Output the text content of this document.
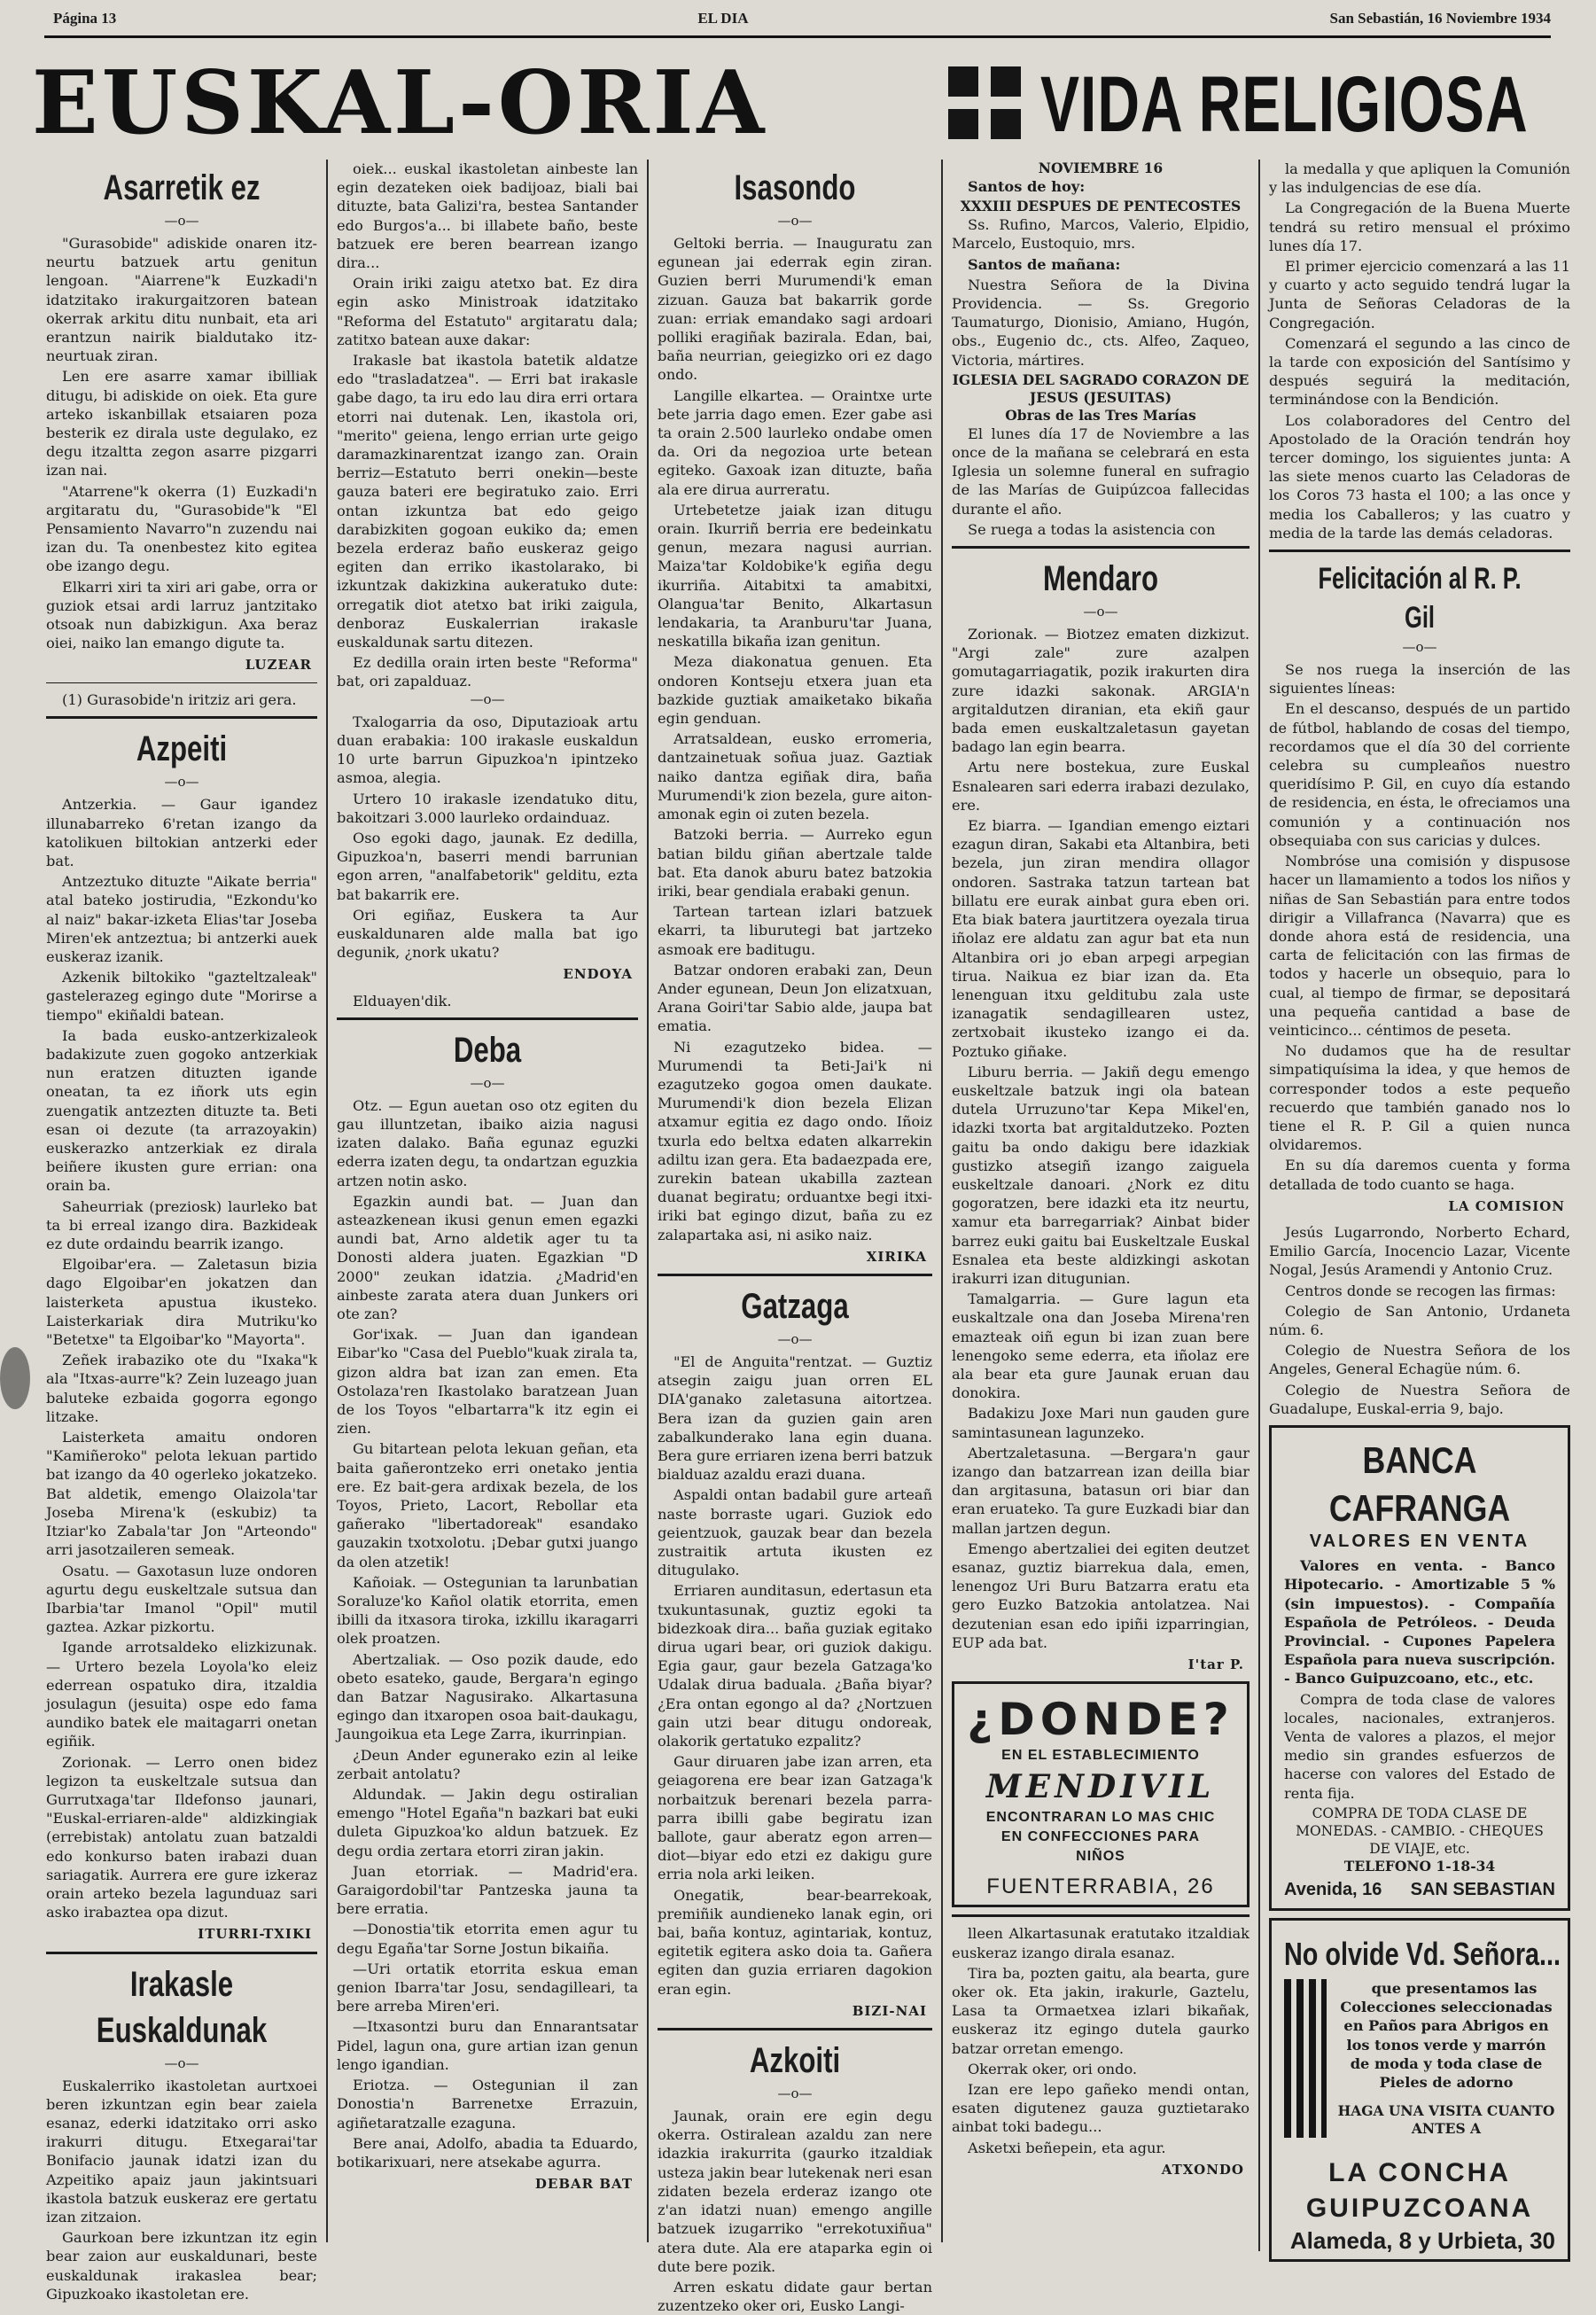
Página 13	EL DIA	San Sebastián, 16 Noviembre 1934
EUSKAL-ORIA	VIDA RELIGIOSA
Asarretik ez
—o—

"Gurasobide" adiskide onaren itz-neurtu batzuek artu genitun lengoan. "Aiarrene"k Euzkadi'n idatzitako irakurgaitzoren batean okerrak arkitu ditu nunbait, eta ari erantzun nairik bialdutako itz-neurtuak ziran.

Len ere asarre xamar ibilliak ditugu, bi adiskide on oiek. Eta gure arteko iskanbillak etsaiaren poza besterik ez dirala uste degulako, ez degu itzaltta zegon asarre pizgarri izan nai.

"Atarrene"k okerra (1) Euzkadi'n argitaratu du, "Gurasobide"k "El Pensamiento Navarro"n zuzendu nai izan du. Ta onenbestez kito egitea obe izango degu.

Elkarri xiri ta xiri ari gabe, orra or guziok etsai ardi larruz jantzitako otsoak nun dabizkigun. Axa beraz oiei, naiko lan emango digute ta.

LUZEAR

(1) Gurasobide'n iritziz ari gera.

Azpeiti
—o—

Antzerkia. — Gaur igandez illunabarreko 6'retan izango da katolikuen biltokian antzerki eder bat.

Antzeztuko dituzte "Aikate berria" atal bateko jostirudia, "Ezkondu'ko al naiz" bakar-izketa Elias'tar Joseba Miren'ek antzeztua; bi antzerki auek euskeraz izanik.

Azkenik biltokiko "gazteltzaleak" gastelerazeg egingo dute "Morirse a tiempo" ekiñaldi batean.

Ia bada eusko-antzerkizaleok badakizute zuen gogoko antzerkiak nun eratzen dituzten igande oneatan, ta ez iñork uts egin zuengatik antzezten dituzte ta. Beti esan oi dezute (ta arrazoyakin) euskerazko antzerkiak ez dirala beiñere ikusten gure errian: ona orain ba.

Saheurriak (preziosk) laurleko bat ta bi erreal izango dira. Bazkideak ez dute ordaindu bearrik izango.

Elgoibar'era. — Zaletasun bizia dago Elgoibar'en jokatzen dan laisterketa apustua ikusteko. Laisterkariak dira Mutriku'ko "Betetxe" ta Elgoibar'ko "Mayorta".

Zeñek irabaziko ote du "Ixaka"k ala "Itxas-aurre"k? Zein luzeago juan baluteke ezbaida gogorra egongo litzake.

Laisterketa amaitu ondoren "Kamiñeroko" pelota lekuan partido bat izango da 40 ogerleko jokatzeko. Bat aldetik, emengo Olaizola'tar Joseba Mirena'k (eskubiz) ta Itziar'ko Zabala'tar Jon "Arteondo" arri jasotzaileren semeak.

Osatu. — Gaxotasun luze ondoren agurtu degu euskeltzale sutsua dan Ibarbia'tar Imanol "Opil" mutil gaztea. Azkar pizkortu.

Igande arrotsaldeko elizkizunak. — Urtero bezela Loyola'ko eleiz ederrean ospatuko dira, itzaldia josulagun (jesuita) ospe edo fama aundiko batek ele maitagarri onetan egiñik.

Zorionak. — Lerro onen bidez legizon ta euskeltzale sutsua dan Gurrutxaga'tar Ildefonso jaunari, "Euskal-erriaren-alde" aldizkingiak (errebistak) antolatu zuan batzaldi edo konkurso baten irabazi duan sariagatik. Aurrera ere gure izkeraz orain arteko bezela lagunduaz sari asko irabaztea opa dizut.

ITURRI-TXIKI
Irakasle Euskaldunak
—o—

Euskalerriko ikastoletan aurtxoei beren izkuntzan egin bear zaiela esanaz, ederki idatzitako orri asko irakurri ditugu. Etxegarai'tar Bonifacio jaunak idatzi izan du Azpeitiko apaiz jaun jakintsuari ikastola batzuk euskeraz ere gertatu izan zitzaion.

Gaurkoan bere izkuntzan itz egin bear zaion aur euskaldunari, beste euskaldunak irakaslea bear; Gipuzkoako ikastoletan ere.

oiek... euskal ikastoletan ainbeste lan egin dezateken oiek badijoaz, biali bai dituzte, bata Galizi'ra, bestea Santander edo Burgos'a... bi illabete baño, beste batzuek ere beren bearrean izango dira...

Orain iriki zaigu atetxo bat. Ez dira egin asko Ministroak idatzitako "Reforma del Estatuto" argitaratu dala; zatitxo batean auxe dakar:

Irakasle bat ikastola batetik aldatze edo "trasladatzea". — Erri bat irakasle gabe dago, ta iru edo lau dira erri ortara etorri nai dutenak. Len, ikastola ori, "merito" geiena, lengo errian urte geigo daramazkinarentzat izango zan. Orain berriz—Estatuto berri onekin—beste gauza bateri ere begiratuko zaio. Erri ontan izkuntza bat edo geigo darabizkiten gogoan eukiko da; emen bezela erderaz baño euskeraz geigo egiten dan erriko ikastolarako, bi izkuntzak dakizkina aukeratuko dute: orregatik diot atetxo bat iriki zaigula, denboraz Euskalerrian irakasle euskaldunak sartu ditezen.

Ez dedilla orain irten beste "Reforma" bat, ori zapalduaz.

—o—

Txalogarria da oso, Diputazioak artu duan erabakia: 100 irakasle euskaldun 10 urte barrun Gipuzkoa'n ipintzeko asmoa, alegia.

Urtero 10 irakasle izendatuko ditu, bakoitzari 3.000 laurleko ordainduaz.

Oso egoki dago, jaunak. Ez dedilla, Gipuzkoa'n, baserri mendi barrunian egon arren, "analfabetorik" gelditu, ezta bat bakarrik ere.

Ori egiñaz, Euskera ta Aur euskaldunaren alde malla bat igo degunik, ¿nork ukatu?

ENDOYA

Elduayen'dik.

Deba
—o—

Otz. — Egun auetan oso otz egiten du gau illuntzetan, ibaiko aizia nagusi izaten dalako. Baña egunaz eguzki ederra izaten degu, ta ondartzan eguzkia artzen notin asko.

Egazkin aundi bat. — Juan dan asteazkenean ikusi genun emen egazki aundi bat, Arno aldetik ager tu ta Donosti aldera juaten. Egazkian "D 2000" zeukan idatzia. ¿Madrid'en ainbeste zarata atera duan Junkers ori ote zan?

Gor'ixak. — Juan dan igandean Eibar'ko "Casa del Pueblo"kuak zirala ta, gizon aldra bat izan zan emen. Eta Ostolaza'ren Ikastolako baratzean Juan de los Toyos "elbartarra"k itz egin ei zien.

Gu bitartean pelota lekuan geñan, eta baita gañerontzeko erri onetako jentia ere. Ez bait-gera ardixak bezela, de los Toyos, Prieto, Lacort, Rebollar eta gañerako "libertadoreak" esandako gauzakin txotxolotu. ¡Debar gutxi juango da olen atzetik!

Kañoiak. — Ostegunian ta larunbatian Soraluze'ko Kañol olatik etorrita, emen ibilli da itxasora tiroka, izkillu ikaragarri olek proatzen.

Abertzaliak. — Oso pozik daude, edo obeto esateko, gaude, Bergara'n egingo dan Batzar Nagusirako. Alkartasuna egingo dan itxaropen osoa bait-daukagu, Jaungoikua eta Lege Zarra, ikurrinpian.

¿Deun Ander egunerako ezin al leike zerbait antolatu?

Aldundak. — Jakin degu ostiralian emengo "Hotel Egaña"n bazkari bat euki duleta Gipuzkoa'ko aldun batzuek. Ez degu ordia zertara etorri ziran jakin.

Juan etorriak. — Madrid'era. Garaigordobil'tar Pantzeska jauna ta bere erratia.

—Donostia'tik etorrita emen agur tu degu Egaña'tar Sorne Jostun bikaiña.

—Uri ortatik etorrita eskua eman genion Ibarra'tar Josu, sendagilleari, ta bere arreba Miren'eri.

—Itxasontzi buru dan Ennarantsatar Pidel, lagun ona, gure artian izan genun lengo igandian.

Eriotza. — Ostegunian il zan Donostia'n Barrenetxe Errazuin, agiñetaratzalle ezaguna.

Bere anai, Adolfo, abadia ta Eduardo, botikarixuari, nere atsekabe agurra.

DEBAR BAT
Isasondo
—o—

Geltoki berria. — Inauguratu zan egunean jai ederrak egin ziran. Guzien berri Murumendi'k eman zizuan. Gauza bat bakarrik gorde zuan: erriak emandako sagi ardoari polliki eragiñak bazirala. Edan, bai, baña neurrian, geiegizko ori ez dago ondo.

Langille elkartea. — Oraintxe urte bete jarria dago emen. Ezer gabe asi ta orain 2.500 laurleko ondabe omen da. Ori da negozioa urte betean egiteko. Gaxoak izan dituzte, baña ala ere dirua aurreratu.

Urtebetetze jaiak izan ditugu orain. Ikurriñ berria ere bedeinkatu genun, mezara nagusi aurrian. Maiza'tar Koldobike'k egiña degu ikurriña. Aitabitxi ta amabitxi, Olangua'tar Benito, Alkartasun lendakaria, ta Aranburu'tar Juana, neskatilla bikaña izan genitun.

Meza diakonatua genuen. Eta ondoren Kontseju etxera juan eta bazkide guztiak amaiketako bikaña egin genduan.

Arratsaldean, eusko erromeria, dantzainetuak soñua juaz. Gaztiak naiko dantza egiñak dira, baña Murumendi'k zion bezela, gure aiton-amonak egin oi zuten bezela.

Batzoki berria. — Aurreko egun batian bildu giñan abertzale talde bat. Eta danok aburu batez batzokia iriki, bear gendiala erabaki genun.

Tartean tartean izlari batzuek ekarri, ta liburutegi bat jartzeko asmoak ere baditugu.

Batzar ondoren erabaki zan, Deun Ander egunean, Deun Jon elizatxuan, Arana Goiri'tar Sabio alde, jaupa bat ematia.

Ni ezagutzeko bidea. — Murumendi ta Beti-Jai'k ni ezagutzeko gogoa omen daukate. Murumendi'k dion bezela Elizan atxamur egitia ez dago ondo. Iñoiz txurla edo beltxa edaten alkarrekin adiltu izan gera. Eta badaezpada ere, zurekin batean ukabilla zaztean duanat begiratu; orduantxe begi itxi-iriki bat egingo dizut, baña zu ez zalapartaka asi, ni asiko naiz.

XIRIKA
Gatzaga
—o—

"El de Anguita"rentzat. — Guztiz atsegin zaigu juan orren EL DIA'ganako zaletasuna aitortzea. Bera izan da guzien gain aren zabalkunderako lana egin duana. Bera gure erriaren izena berri batzuk bialduaz azaldu erazi duana.

Aspaldi ontan badabil gure arteañ naste borraste ugari. Guziok edo geientzuok, gauzak bear dan bezela zustraitik artuta ikusten ez ditugulako.

Erriaren aunditasun, edertasun eta txukuntasunak, guztiz egoki ta bidezkoak dira... baña guziak egitako dirua ugari bear, ori guziok dakigu. Egia gaur, gaur bezela Gatzaga'ko Udalak dirua baduala. ¿Baña biyar? ¿Era ontan egongo al da? ¿Nortzuen gain utzi bear ditugu ondoreak, olakorik gertatuko ezpalitz?

Gaur diruaren jabe izan arren, eta geiagorena ere bear izan Gatzaga'k norbaitzuk berenari bezela parra-parra ibilli gabe begiratu izan ballote, gaur aberatz egon arren—diot—biyar edo etzi ez dakigu gure erria nola arki leiken.

Onegatik, bear-bearrekoak, premiñik aundieneko lanak egin, ori bai, baña kontuz, agintariak, kontuz, egitetik egitera asko doia ta. Gañera egiten dan guzia erriaren dagokion eran egin.

BIZI-NAI
Azkoiti
—o—

Jaunak, orain ere egin degu okerra. Ostiralean azaldu zan nere idazkia irakurrita (gaurko itzaldiak usteza jakin bear lutekenak neri esan zidaten bezela erderaz izango ote z'an idatzi nuan) emengo angille batzuek izugarriko "errekotuxiñua" atera dute. Ala ere ataparka egin oi dute bere pozik.

Arren eskatu didate gaur bertan zuzentzeko oker ori, Eusko Langi-

NOVIEMBRE 16

Santos de hoy:

XXXIII DESPUES DE PENTECOSTES

Ss. Rufino, Marcos, Valerio, Elpidio, Marcelo, Eustoquio, mrs.

Santos de mañana:

Nuestra Señora de la Divina Providencia. — Ss. Gregorio Taumaturgo, Dionisio, Amiano, Hugón, obs., Eugenio dc., cts. Alfeo, Zaqueo, Victoria, mártires.

IGLESIA DEL SAGRADO CORAZON DE JESUS (JESUITAS)
Obras de las Tres Marías

El lunes día 17 de Noviembre a las once de la mañana se celebrará en esta Iglesia un solemne funeral en sufragio de las Marías de Guipúzcoa fallecidas durante el año.

Se ruega a todas la asistencia con

Mendaro
—o—

Zorionak. — Biotzez ematen dizkizut. "Argi zale" zure azalpen gomutagarriagatik, pozik irakurten dira zure idazki sakonak. ARGIA'n argitaldutzen diranian, eta ekiñ gaur bada emen euskaltzaletasun gayetan badago lan egin bearra.

Artu nere bostekua, zure Euskal Esnalearen sari ederra irabazi dezulako, ere.

Ez biarra. — Igandian emengo eiztari ezagun diran, Sakabi eta Altanbira, beti bezela, jun ziran mendira ollagor ondoren. Sastraka tatzun tartean bat billatu ere eurak ainbat gura eben ori. Eta biak batera jaurtitzera oyezala tirua iñolaz ere aldatu zan agur bat eta nun Altanbira ori jo eban arpegi arpegian tirua. Naikua ez biar izan da. Eta lenenguan itxu gelditubu zala uste izanagatik sendagillearen ustez, zertxobait ikusteko izango ei da. Poztuko giñake.

Liburu berria. — Jakiñ degu emengo euskeltzale batzuk ingi ola batean dutela Urruzuno'tar Kepa Mikel'en, idazki txorta bat argitaldutzeko. Pozten gaitu ba ondo dakigu bere idazkiak gustizko atsegiñ izango zaiguela euskeltzale danoari. ¿Nork ez ditu gogoratzen, bere idazki eta itz neurtu, xamur eta barregarriak? Ainbat bider barrez euki gaitu bai Euskeltzale Euskal Esnalea eta beste aldizkingi askotan irakurri izan ditugunian.

Tamalgarria. — Gure lagun eta euskaltzale ona dan Joseba Mirena'ren emazteak oiñ egun bi izan zuan bere lenengoko seme ederra, eta iñolaz ere ala bear eta gure Jaunak eruan dau donokira.

Badakizu Joxe Mari nun gauden gure samintasunean lagunzeko.

Abertzaletasuna. —Bergara'n gaur izango dan batzarrean izan deilla biar dan argitasuna, batasun ori biar dan eran eruateko. Ta gure Euzkadi biar dan mallan jartzen degun.

Emengo abertzaliei dei egiten deutzet esanaz, guztiz biarrekua dala, emen, lenengoz Uri Buru Batzarra eratu eta gero Euzko Batzokia antolatzea. Nai dezutenian esan edo ipiñi izparringian, EUP ada bat.

I'tar P.
¿DONDE?
EN EL ESTABLECIMIENTO
MENDIVIL
ENCONTRARAN LO MAS CHIC
EN CONFECCIONES PARA
NIÑOS
FUENTERRABIA, 26

lleen Alkartasunak eratutako itzaldiak euskeraz izango dirala esanaz.

Tira ba, pozten gaitu, ala bearta, gure oker ok. Eta jakin, irakurle, Gaztelu, Lasa ta Ormaetxea izlari bikañak, euskeraz itz egingo dutela gaurko batzar orretan emengo.

Okerrak oker, ori ondo.

Izan ere lepo gañeko mendi ontan, esaten digutenez gauza guztietarako ainbat toki badegu...

Asketxi beñepein, eta agur.

ATXONDO

la medalla y que apliquen la Comunión y las indulgencias de ese día.

La Congregación de la Buena Muerte tendrá su retiro mensual el próximo lunes día 17.

El primer ejercicio comenzará a las 11 y cuarto y acto seguido tendrá lugar la Junta de Señoras Celadoras de la Congregación.

Comenzará el segundo a las cinco de la tarde con exposición del Santísimo y después seguirá la meditación, terminándose con la Bendición.

Los colaboradores del Centro del Apostolado de la Oración tendrán hoy tercer domingo, los siguientes junta: A las siete menos cuarto las Celadoras de los Coros 73 hasta el 100; a las once y media los Caballeros; y las cuatro y media de la tarde las demás celadoras.

Felicitación al R. P. Gil
—o—

Se nos ruega la inserción de las siguientes líneas:

En el descanso, después de un partido de fútbol, hablando de cosas del tiempo, recordamos que el día 30 del corriente celebra su cumpleaños nuestro queridísimo P. Gil, en cuyo día estando de residencia, en ésta, le ofreciamos una comunión y a continuación nos obsequiaba con sus caricias y dulces.

Nombróse una comisión y dispusose hacer un llamamiento a todos los niños y niñas de San Sebastián para entre todos dirigir a Villafranca (Navarra) que es donde ahora está de residencia, una carta de felicitación con las firmas de todos y hacerle un obsequio, para lo cual, al tiempo de firmar, se depositará una pequeña cantidad a base de veinticinco... céntimos de peseta.

No dudamos que ha de resultar simpatiquísima la idea, y que hemos de corresponder todos a este pequeño recuerdo que también ganado nos lo tiene el R. P. Gil a quien nunca olvidaremos.

En su día daremos cuenta y forma detallada de todo cuanto se haga.

LA COMISION

Jesús Lugarrondo, Norberto Echard, Emilio García, Inocencio Lazar, Vicente Nogal, Jesús Aramendi y Antonio Cruz.

Centros donde se recogen las firmas:

Colegio de San Antonio, Urdaneta núm. 6.

Colegio de Nuestra Señora de los Angeles, General Echagüe núm. 6.

Colegio de Nuestra Señora de Guadalupe, Euskal-erria 9, bajo.

BANCA CAFRANGA
VALORES EN VENTA

Valores en venta. - Banco Hipotecario. - Amortizable 5 % (sin impuestos). - Compañía Española de Petróleos. - Deuda Provincial. - Cupones Papelera Española para nueva suscripción. - Banco Guipuzcoano, etc., etc.

Compra de toda clase de valores locales, nacionales, extranjeros. Venta de valores a plazos, el mejor medio sin grandes esfuerzos de hacerse con valores del Estado de renta fija.

COMPRA DE TODA CLASE DE MONEDAS. - CAMBIO. - CHEQUES DE VIAJE, etc.
TELEFONO 1-18-34
Avenida, 16 SAN SEBASTIAN
No olvide Vd. Señora...

que presentamos las Colecciones seleccionadas en Paños para Abrigos en los tonos verde y marrón de moda y toda clase de Pieles de adorno

HAGA UNA VISITA CUANTO ANTES A
LA CONCHA GUIPUZCOANA
Alameda, 8 y Urbieta, 30
